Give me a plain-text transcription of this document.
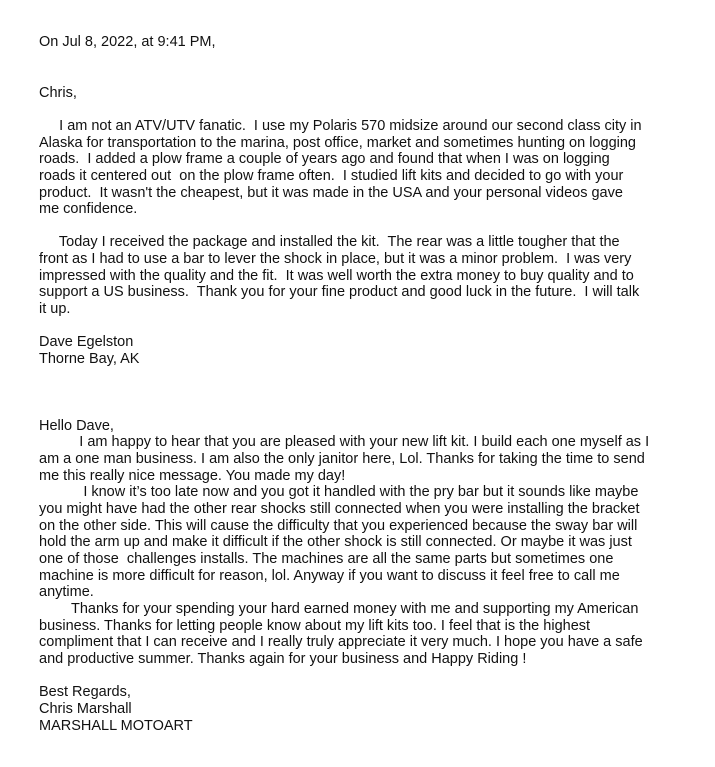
On Jul 8, 2022, at 9:41 PM,
Chris,
I am not an ATV/UTV fanatic.  I use my Polaris 570 midsize around our second class city in
Alaska for transportation to the marina, post office, market and sometimes hunting on logging
roads.  I added a plow frame a couple of years ago and found that when I was on logging
roads it centered out  on the plow frame often.  I studied lift kits and decided to go with your
product.  It wasn't the cheapest, but it was made in the USA and your personal videos gave
me confidence.
Today I received the package and installed the kit.  The rear was a little tougher that the
front as I had to use a bar to lever the shock in place, but it was a minor problem.  I was very
impressed with the quality and the fit.  It was well worth the extra money to buy quality and to
support a US business.  Thank you for your fine product and good luck in the future.  I will talk
it up.
Dave Egelston
Thorne Bay, AK
Hello Dave,
I am happy to hear that you are pleased with your new lift kit. I build each one myself as I
am a one man business. I am also the only janitor here, Lol. Thanks for taking the time to send
me this really nice message. You made my day!
I know it’s too late now and you got it handled with the pry bar but it sounds like maybe
you might have had the other rear shocks still connected when you were installing the bracket
on the other side. This will cause the difficulty that you experienced because the sway bar will
hold the arm up and make it difficult if the other shock is still connected. Or maybe it was just
one of those  challenges installs. The machines are all the same parts but sometimes one
machine is more difficult for reason, lol. Anyway if you want to discuss it feel free to call me
anytime.
Thanks for your spending your hard earned money with me and supporting my American
business. Thanks for letting people know about my lift kits too. I feel that is the highest
compliment that I can receive and I really truly appreciate it very much. I hope you have a safe
and productive summer. Thanks again for your business and Happy Riding !
Best Regards,
Chris Marshall
MARSHALL MOTOART
